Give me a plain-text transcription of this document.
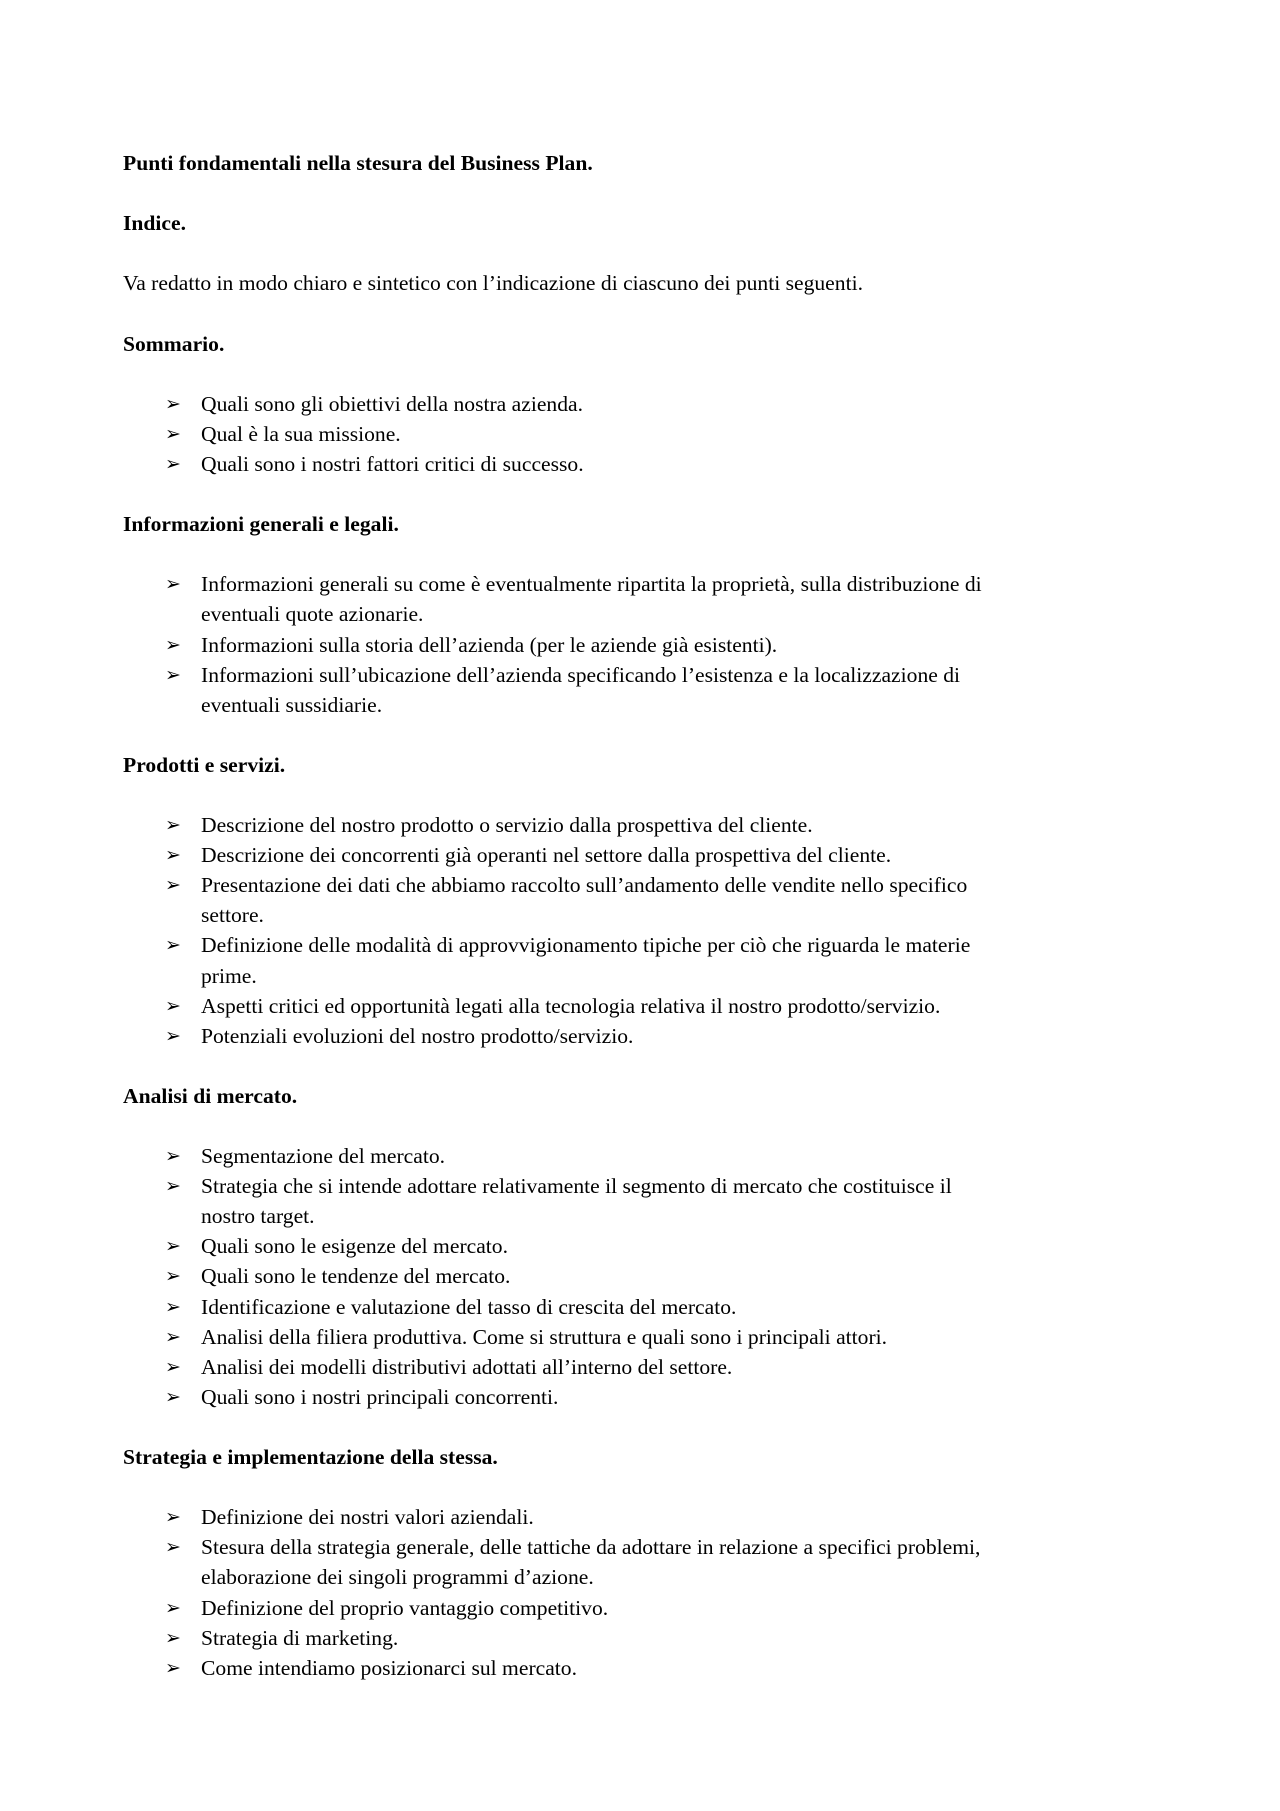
Punti fondamentali nella stesura del Business Plan.
Indice.
Va redatto in modo chiaro e sintetico con l’indicazione di ciascuno dei punti seguenti.
Sommario.
➢ Quali sono gli obiettivi della nostra azienda.
➢ Qual è la sua missione.
➢ Quali sono i nostri fattori critici di successo.
Informazioni generali e legali.
➢ Informazioni generali su come è eventualmente ripartita la proprietà, sulla distribuzione di
eventuali quote azionarie.
➢ Informazioni sulla storia dell’azienda (per le aziende già esistenti).
➢ Informazioni sull’ubicazione dell’azienda specificando l’esistenza e la localizzazione di
eventuali sussidiarie.
Prodotti e servizi.
➢ Descrizione del nostro prodotto o servizio dalla prospettiva del cliente.
➢ Descrizione dei concorrenti già operanti nel settore dalla prospettiva del cliente.
➢ Presentazione dei dati che abbiamo raccolto sull’andamento delle vendite nello specifico
settore.
➢ Definizione delle modalità di approvvigionamento tipiche per ciò che riguarda le materie
prime.
➢ Aspetti critici ed opportunità legati alla tecnologia relativa il nostro prodotto/servizio.
➢ Potenziali evoluzioni del nostro prodotto/servizio.
Analisi di mercato.
➢ Segmentazione del mercato.
➢ Strategia che si intende adottare relativamente il segmento di mercato che costituisce il
nostro target.
➢ Quali sono le esigenze del mercato.
➢ Quali sono le tendenze del mercato.
➢ Identificazione e valutazione del tasso di crescita del mercato.
➢ Analisi della filiera produttiva. Come si struttura e quali sono i principali attori.
➢ Analisi dei modelli distributivi adottati all’interno del settore.
➢ Quali sono i nostri principali concorrenti.
Strategia e implementazione della stessa.
➢ Definizione dei nostri valori aziendali.
➢ Stesura della strategia generale, delle tattiche da adottare in relazione a specifici problemi,
elaborazione dei singoli programmi d’azione.
➢ Definizione del proprio vantaggio competitivo.
➢ Strategia di marketing.
➢ Come intendiamo posizionarci sul mercato.
